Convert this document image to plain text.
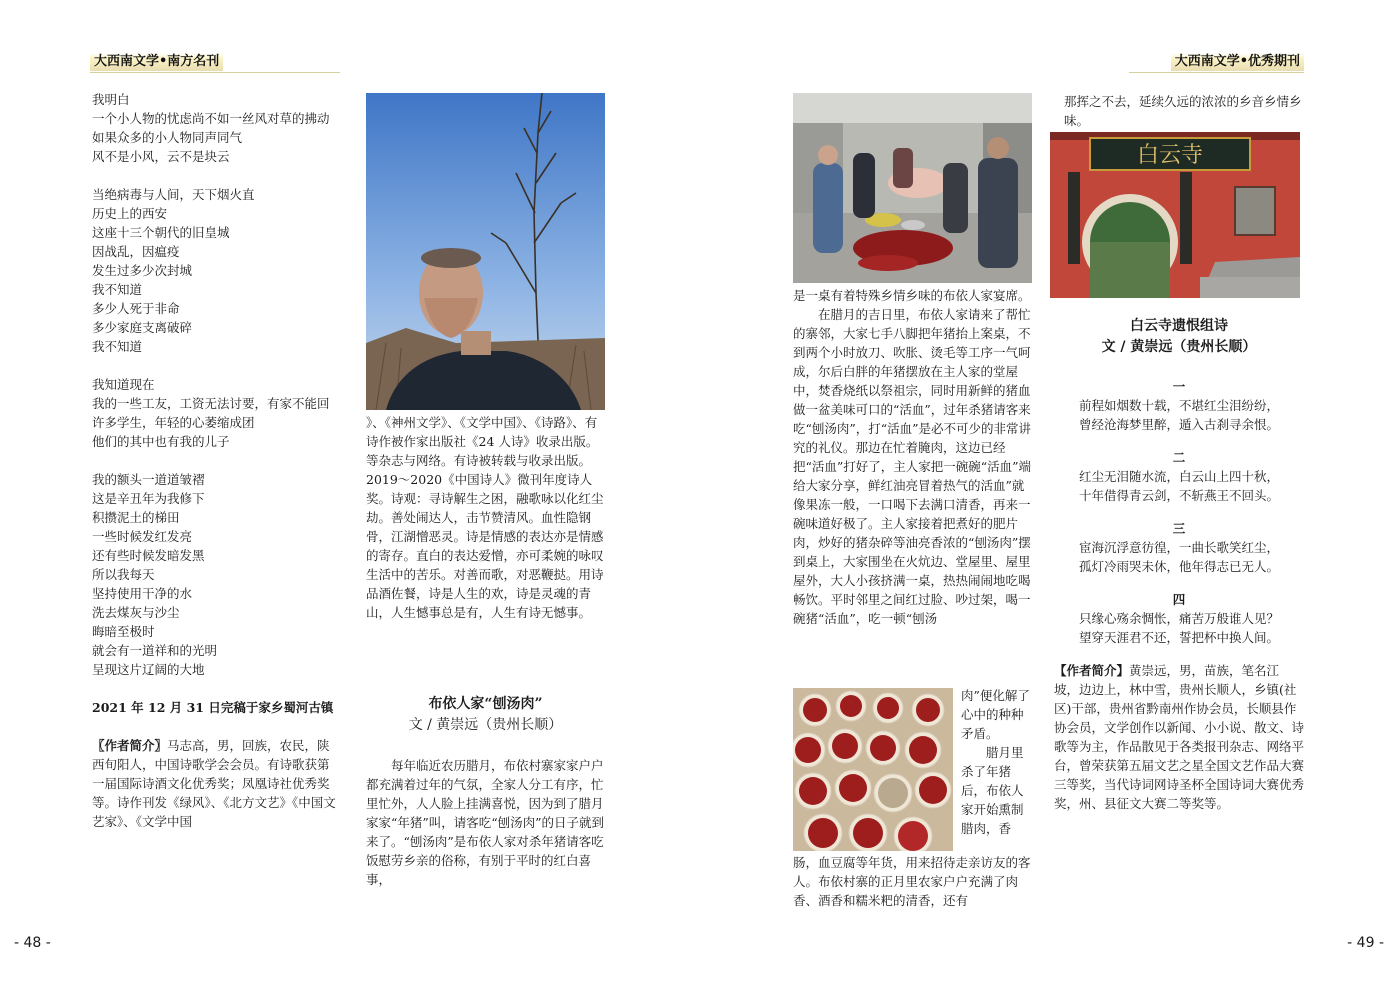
大西南文学•南方名刊

我明白

一个小人物的忧虑尚不如一丝风对草的拂动

如果众多的小人物同声同气

风不是小风，云不是块云

当绝病毒与人间，天下烟火直

历史上的西安

这座十三个朝代的旧皇城

因战乱，因瘟疫

发生过多少次封城

我不知道

多少人死于非命

多少家庭支离破碎

我不知道

我知道现在

我的一些工友，工资无法讨要，有家不能回

许多学生，年轻的心萎缩成团

他们的其中也有我的儿子

我的额头一道道皱褶

这是辛丑年为我修下

积攒泥土的梯田

一些时候发红发亮

还有些时候发暗发黑

所以我每天

坚持使用干净的水

洗去煤灰与沙尘

晦暗至极时

就会有一道祥和的光明

呈现这片辽阔的大地

2021 年 12 月 31 日完稿于家乡蜀河古镇

〖作者简介〗马志高，男，回族，农民，陕西旬阳人，中国诗歌学会会员。有诗歌获第一届国际诗酒文化优秀奖；凤凰诗社优秀奖等。诗作刊发《绿风》、《北方文艺》《中国文艺家》、《文学中国

》、《神州文学》、《文学中国》、《诗路》、有诗作被作家出版社《24 人诗》收录出版。等杂志与网络。有诗被转载与收录出版。2019～2020《中国诗人》微刊年度诗人奖。诗观：寻诗解生之困，融歌咏以化红尘劫。善处闹达人，击节赞清风。血性隐钢骨，江湖憎恶灵。诗是情感的表达亦是情感的寄存。直白的表达爱憎，亦可柔婉的咏叹生活中的苦乐。对善而歌，对恶鞭挞。用诗品酒佐餐，诗是人生的欢，诗是灵魂的青山，人生憾事总是有，人生有诗无憾事。

布依人家“刨汤肉”

文 / 黄崇远（贵州长顺）

每年临近农历腊月，布依村寨家家户户都充满着过年的气氛，全家人分工有序，忙里忙外，人人脸上挂满喜悦，因为到了腊月家家“年猪”叫，请客吃“刨汤肉”的日子就到来了。“刨汤肉”是布依人家对杀年猪请客吃饭慰劳乡亲的俗称，有别于平时的红白喜事，

- 48 -
大西南文学•优秀期刊

是一桌有着特殊乡情乡味的布依人家宴席。

在腊月的吉日里，布依人家请来了帮忙的寨邻，大家七手八脚把年猪抬上案桌，不到两个小时放刀、吹胀、烫毛等工序一气呵成，尔后白胖的年猪摆放在主人家的堂屋中，焚香烧纸以祭祖宗，同时用新鲜的猪血做一盆美味可口的“活血”，过年杀猪请客来吃“刨汤肉”，打“活血”是必不可少的非常讲究的礼仪。那边在忙着腌肉，这边已经把“活血”打好了，主人家把一碗碗“活血”端给大家分享，鲜红油亮冒着热气的活血”就像果冻一般，一口喝下去满口清香，再来一碗味道好极了。主人家接着把煮好的肥片肉，炒好的猪杂碎等油亮香浓的“刨汤肉”摆到桌上，大家围坐在火炕边、堂屋里、屋里屋外，大人小孩挤满一桌，热热闹闹地吃喝畅饮。平时邻里之间红过脸、吵过架，喝一碗猪“活血”，吃一顿“刨汤

肉”便化解了心中的种种矛盾。

腊月里杀了年猪后，布依人家开始熏制腊肉，香

肠，血豆腐等年货，用来招待走亲访友的客人。布依村寨的正月里农家户户充满了肉香、酒香和糯米粑的清香，还有

那挥之不去，延续久远的浓浓的乡音乡情乡味。

白云寺

白云寺遗恨组诗

文 / 黄崇远（贵州长顺）

一

前程如烟数十载，不堪红尘泪纷纷，

曾经沧海梦里醉，遁入古刹寻余恨。

二

红尘无泪随水流，白云山上四十秋，

十年借得青云剑，不斩燕王不回头。

三

宦海沉浮意彷徨，一曲长歌笑红尘，

孤灯冷雨哭未休，他年得志已无人。

四

只缘心殇余惆怅，痛苦万般谁人见？

望穿天涯君不还，誓把杯中换人间。

【作者简介】黄崇远，男，苗族，笔名江坡，边边上，林中雪，贵州长顺人，乡镇(社区)干部，贵州省黔南州作协会员，长顺县作协会员，文学创作以新闻、小小说、散文、诗歌等为主，作品散见于各类报刊杂志、网络平台，曾荣获第五届文艺之星全国文艺作品大赛三等奖，当代诗词网诗圣杯全国诗词大赛优秀奖，州、县征文大赛二等奖等。

- 49 -
